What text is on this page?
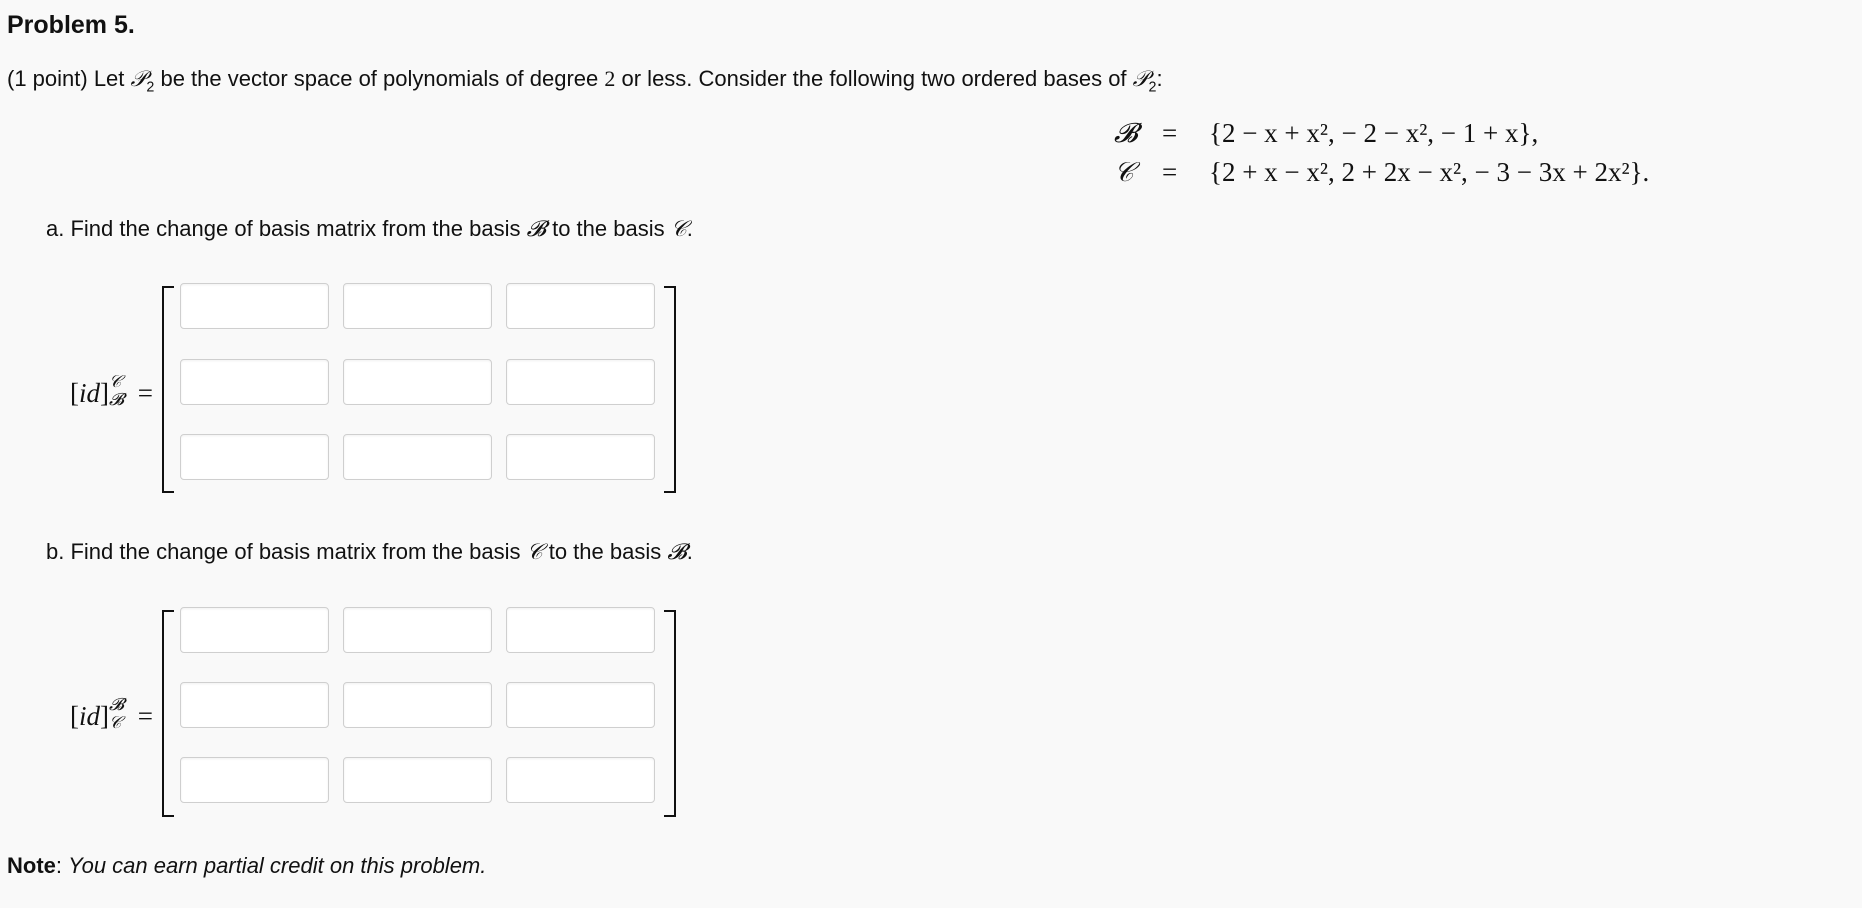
Problem 5.
(1 point) Let 𝒫$_2$ be the vector space of polynomials of degree 2 or less. Consider the following two ordered bases of 𝒫$_2$:
𝓑 = {2 − x + x², − 2 − x², − 1 + x},
𝒞	= {2 + x − x², 2 + 2x − x², − 3 − 3x + 2x²}.
a. Find the change of basis matrix from the basis 𝓑 to the basis 𝒞.
[id] 𝒞
𝓑 =
b. Find the change of basis matrix from the basis 𝒞 to the basis 𝓑.
[id] 𝓑
𝒞 =
Note: You can earn partial credit on this problem.
